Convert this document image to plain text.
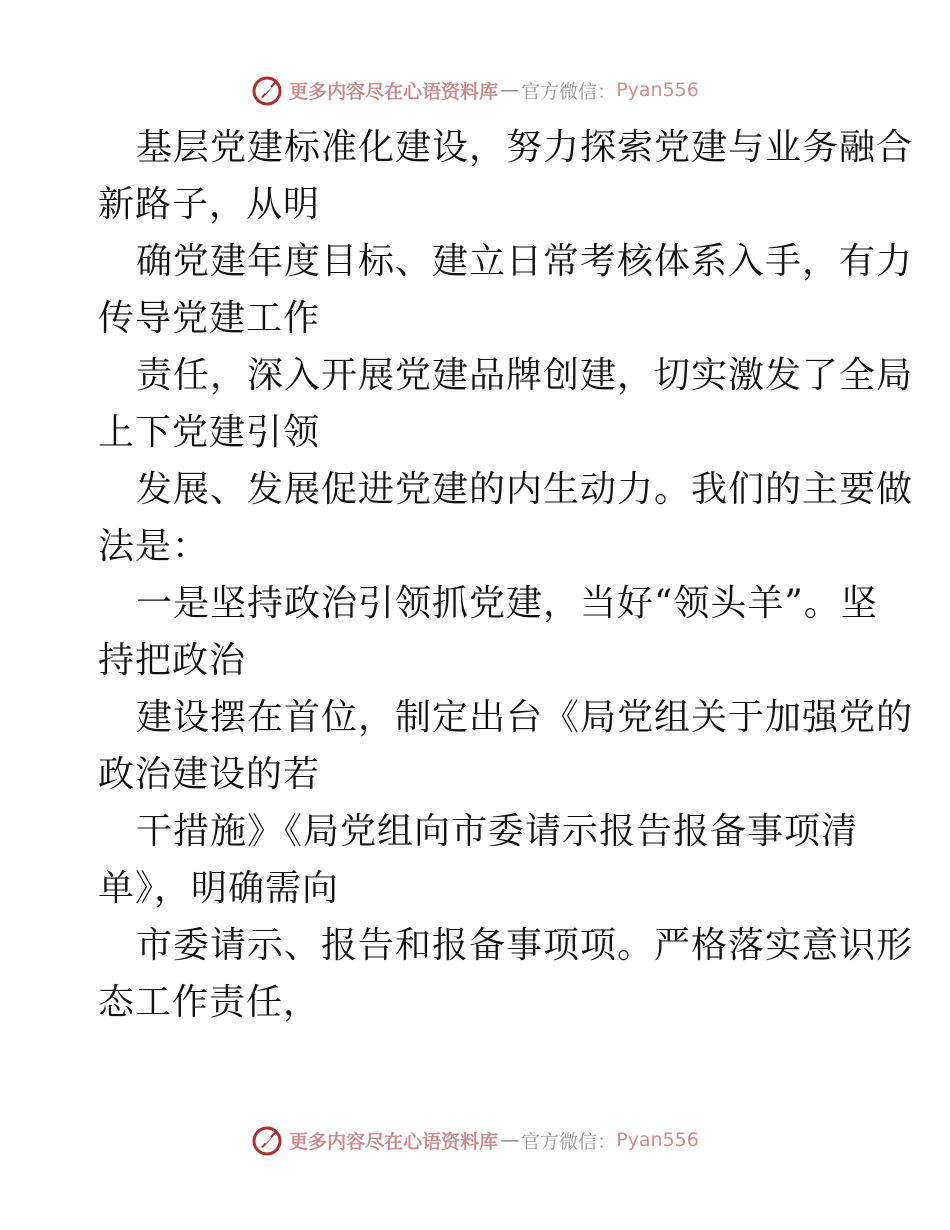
更多内容尽在心语资料库 — 官方微信： Pyan556
基层党建标准化建设，努力探索党建与业务融合
新路子，从明
确党建年度目标、建立日常考核体系入手，有力
传导党建工作
责任，深入开展党建品牌创建，切实激发了全局
上下党建引领
发展、发展促进党建的内生动力。我们的主要做
法是：
一是坚持政治引领抓党建，当好“领头羊”。坚
持把政治
建设摆在首位，制定出台《局党组关于加强党的
政治建设的若
干措施》《局党组向市委请示报告报备事项清
单》，明确需向
市委请示、报告和报备事项项。严格落实意识形
态工作责任，
更多内容尽在心语资料库 — 官方微信： Pyan556
